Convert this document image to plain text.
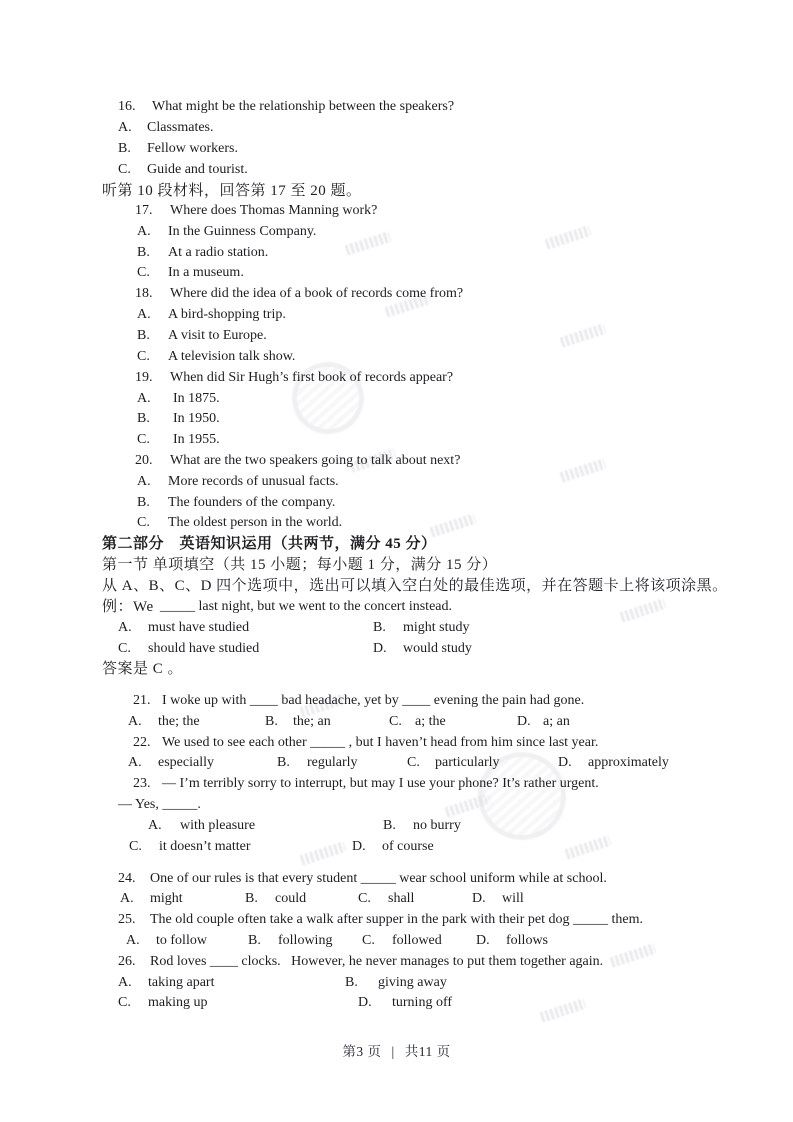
16. What might be the relationship between the speakers?
A. Classmates.
B. Fellow workers.
C. Guide and tourist.
听第 10 段材料，回答第 17 至 20 题。
17. Where does Thomas Manning work?
A. In the Guinness Company.
B. At a radio station.
C. In a museum.
18. Where did the idea of a book of records come from?
A. A bird-shopping trip.
B. A visit to Europe.
C. A television talk show.
19. When did Sir Hugh’s first book of records appear?
A. In 1875.
B. In 1950.
C. In 1955.
20. What are the two speakers going to talk about next?
A. More records of unusual facts.
B. The founders of the company.
C. The oldest person in the world.
第二部分　英语知识运用（共两节，满分 45 分）
第一节 单项填空（共 15 小题；每小题 1 分，满分 15 分）
从 A、B、C、D 四个选项中，选出可以填入空白处的最佳选项，并在答题卡上将该项涂黑。
例：We _____ last night, but we went to the concert instead.
A. must have studied	B. might study
C. should have studied	D. would study
答案是 C 。
21. I woke up with ____ bad headache, yet by ____ evening the pain had gone.
A. the; the	B. the; an	C. a; the	D. a; an
22. We used to see each other _____ , but I haven’t head from him since last year.
A. especially	B. regularly	C. particularly	D. approximately
23. — I’m terribly sorry to interrupt, but may I use your phone? It’s rather urgent.
— Yes, _____.
A. with pleasure	B. no burry
C. it doesn’t matter	D. of course
24. One of our rules is that every student _____ wear school uniform while at school.
A. might	B. could	C. shall	D. will
25. The old couple often take a walk after supper in the park with their pet dog _____ them.
A. to follow	B. following C. followed D. follows
26. Rod loves ____ clocks.   However, he never manages to put them together again.
A. taking apart	B. giving away
C. making up	D. turning off
第3 页 | 共11 页
